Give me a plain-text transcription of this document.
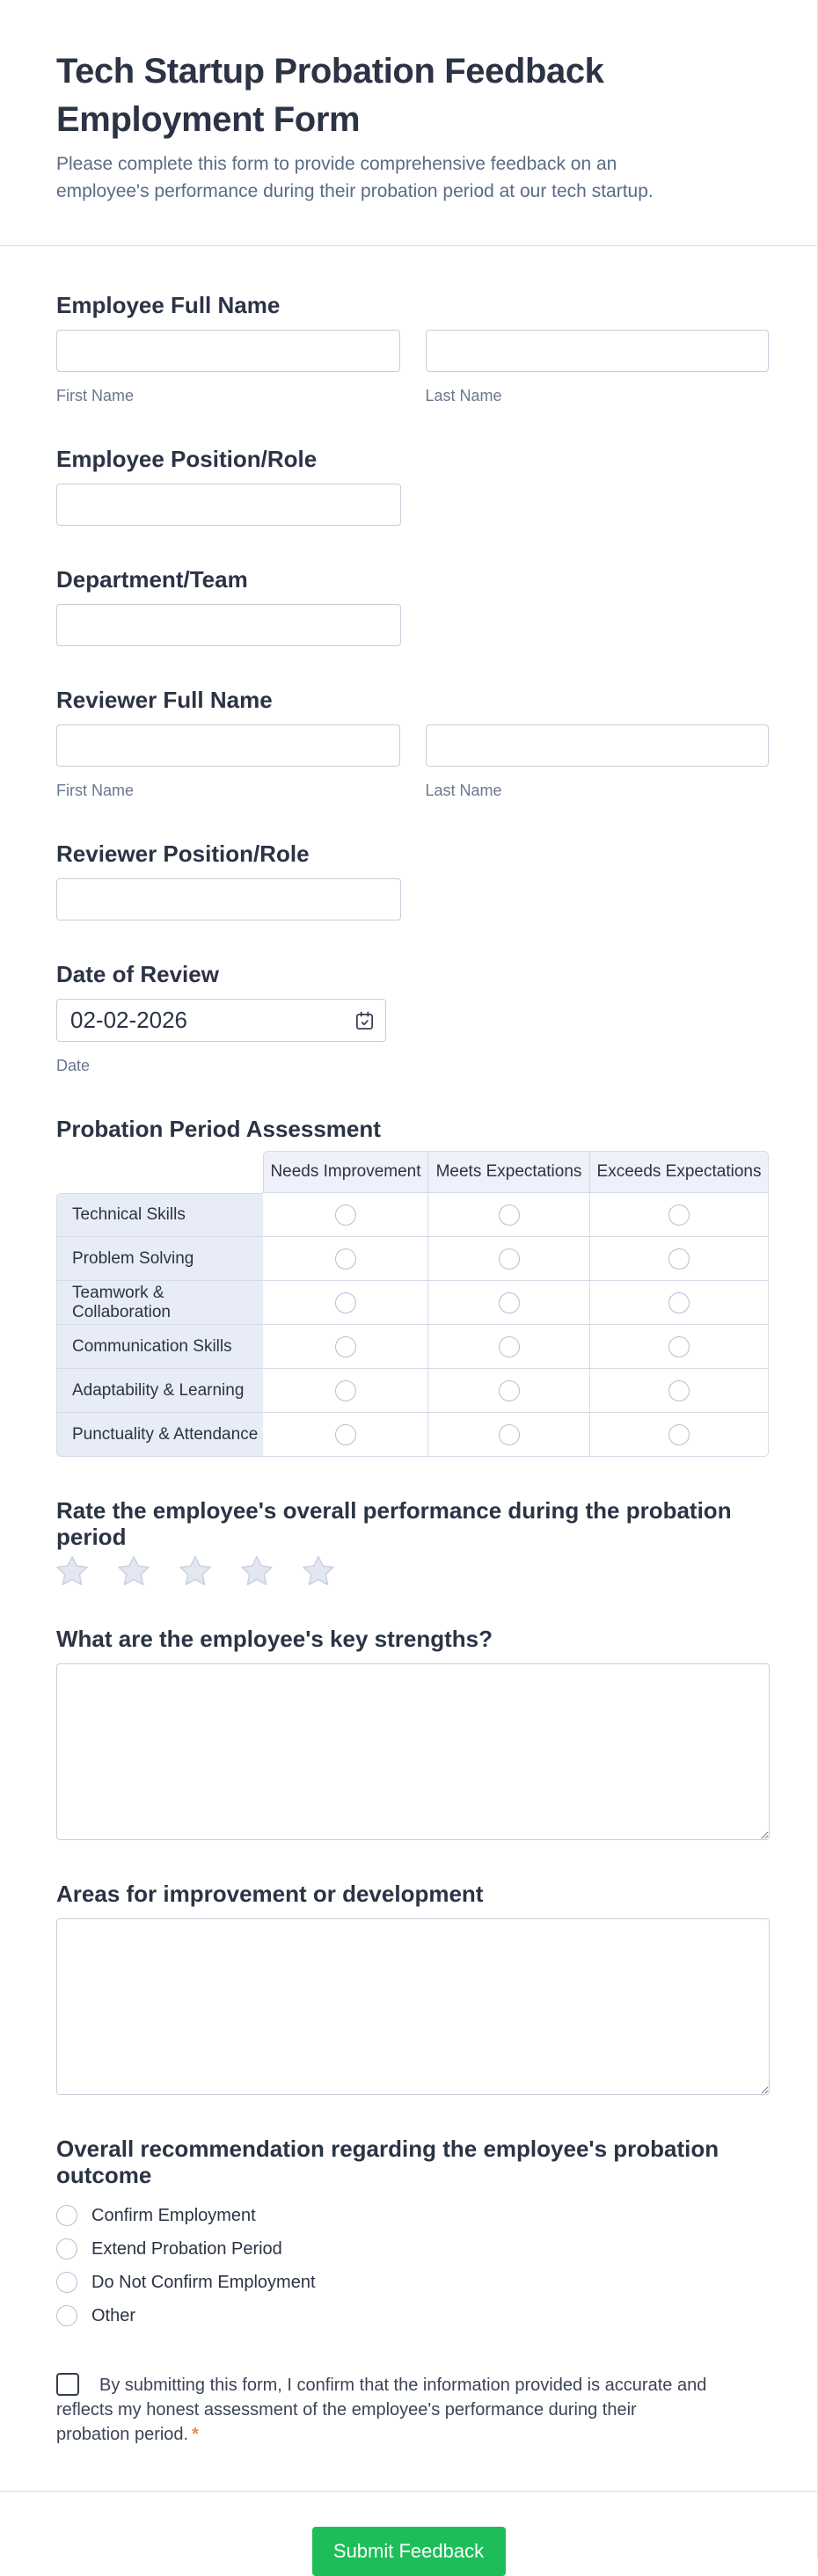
Tech Startup Probation Feedback Employment Form
Please complete this form to provide comprehensive feedback on an employee's performance during their probation period at our tech startup.
Employee Full Name
First Name	Last Name
Employee Position/Role
Department/Team
Reviewer Full Name
First Name	Last Name
Reviewer Position/Role
Date of Review
02-02-2026
Date
Probation Period Assessment
Needs Improvement Meets Expectations Exceeds Expectations
Technical Skills
Problem Solving
Teamwork & Collaboration
Communication Skills
Adaptability & Learning
Punctuality & Attendance
Rate the employee's overall performance during the probation period
What are the employee's key strengths?
Areas for improvement or development
Overall recommendation regarding the employee's probation outcome
Confirm Employment
Extend Probation Period
Do Not Confirm Employment
Other
By submitting this form, I confirm that the information provided is accurate and reflects my honest assessment of the employee's performance during their probation period. *
Submit Feedback
